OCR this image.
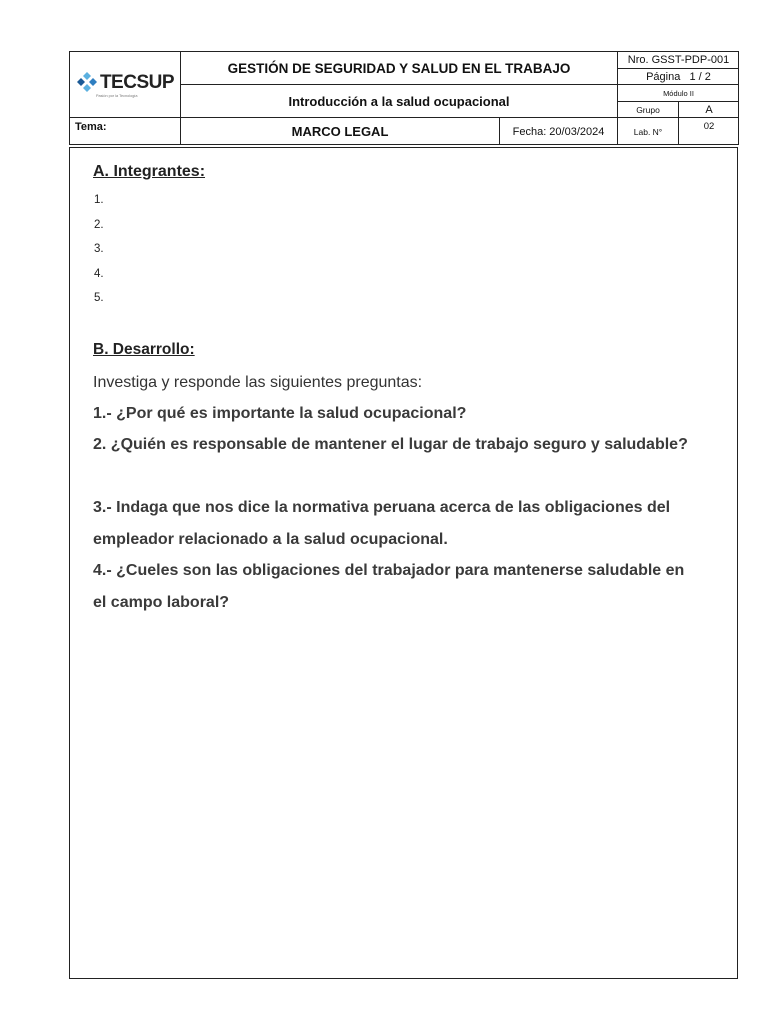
TECSUP
Pasión por la Tecnología
GESTIÓN DE SEGURIDAD Y SALUD EN EL TRABAJO
Introducción a la salud ocupacional
Nro. GSST-PDP-001
Página   1 / 2
Módulo II
Grupo	A
Tema:	MARCO LEGAL	Fecha: 20/03/2024	Lab. N°	02
A. Integrantes:
1.
2.
3.
4.
5.
B. Desarrollo:
Investiga y responde las siguientes preguntas:
1.- ¿Por qué es importante la salud ocupacional?
2. ¿Quién es responsable de mantener el lugar de trabajo seguro y saludable?
3.- Indaga que nos dice la normativa peruana acerca de las obligaciones del empleador relacionado a la salud ocupacional.
4.- ¿Cueles son las obligaciones del trabajador para mantenerse saludable en el campo laboral?
